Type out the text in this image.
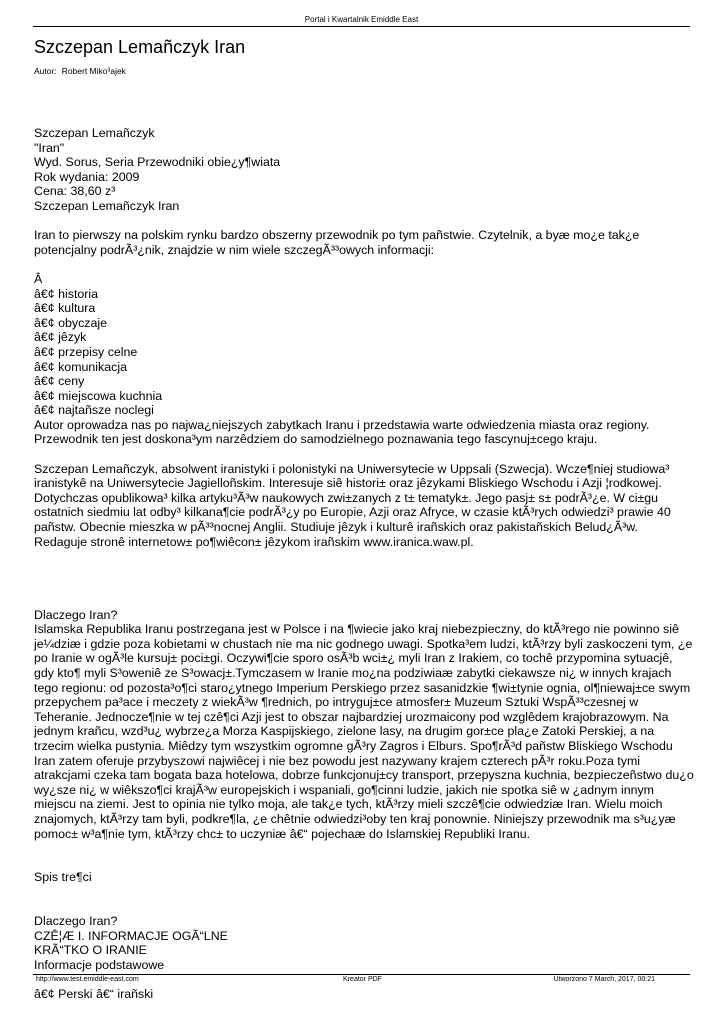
Portal i Kwartalnik Emiddle East
Szczepan Lemañczyk Iran
Autor: Robert Miko³ajek
Szczepan Lemañczyk
"Iran"
Wyd. Sorus, Seria Przewodniki obie¿y¶wiata
Rok wydania: 2009
Cena: 38,60 z³
Szczepan Lemañczyk Iran
Iran to pierwszy na polskim rynku bardzo obszerny przewodnik po tym pañstwie. Czytelnik, a byæ mo¿e tak¿e
potencjalny podrÃ³¿nik, znajdzie w nim wiele szczegÃ³³owych informacji:
Â
â€¢ historia
â€¢ kultura
â€¢ obyczaje
â€¢ jêzyk
â€¢ przepisy celne
â€¢ komunikacja
â€¢ ceny
â€¢ miejscowa kuchnia
â€¢ najtañsze noclegi
Autor oprowadza nas po najwa¿niejszych zabytkach Iranu i przedstawia warte odwiedzenia miasta oraz regiony.
Przewodnik ten jest doskona³ym narzêdziem do samodzielnego poznawania tego fascynuj±cego kraju.
Szczepan Lemañczyk, absolwent iranistyki i polonistyki na Uniwersytecie w Uppsali (Szwecja). Wcze¶niej studiowa³
iranistykê na Uniwersytecie Jagielloñskim. Interesuje siê histori± oraz jêzykami Bliskiego Wschodu i Azji ¦rodkowej.
Dotychczas opublikowa³ kilka artyku³Ã³w naukowych zwi±zanych z t± tematyk±. Jego pasj± s± podrÃ³¿e. W ci±gu
ostatnich siedmiu lat odby³ kilkana¶cie podrÃ³¿y po Europie, Azji oraz Afryce, w czasie ktÃ³rych odwiedzi³ prawie 40
pañstw. Obecnie mieszka w pÃ³³nocnej Anglii. Studiuje jêzyk i kulturê irañskich oraz pakistañskich Belud¿Ã³w.
Redaguje stronê internetow± po¶wiêcon± jêzykom irañskim www.iranica.waw.pl.
Dlaczego Iran?
Islamska Republika Iranu postrzegana jest w Polsce i na ¶wiecie jako kraj niebezpieczny, do ktÃ³rego nie powinno siê
je¼dziæ i gdzie poza kobietami w chustach nie ma nic godnego uwagi. Spotka³em ludzi, ktÃ³rzy byli zaskoczeni tym, ¿e
po Iranie w ogÃ³le kursuj± poci±gi. Oczywi¶cie sporo osÃ³b wci±¿ myli Iran z Irakiem, co tochê przypomina sytuacjê,
gdy kto¶ myli S³oweniê ze S³owacj±.Tymczasem w Iranie mo¿na podziwiaæ zabytki ciekawsze ni¿ w innych krajach
tego regionu: od pozosta³o¶ci staro¿ytnego Imperium Perskiego przez sasanidzkie ¶wi±tynie ognia, ol¶niewaj±ce swym
przepychem pa³ace i meczety z wiekÃ³w ¶rednich, po intryguj±ce atmosfer± Muzeum Sztuki WspÃ³³czesnej w
Teheranie. Jednocze¶nie w tej czê¶ci Azji jest to obszar najbardziej urozmaicony pod wzglêdem krajobrazowym. Na
jednym krañcu, wzd³u¿ wybrze¿a Morza Kaspijskiego, zielone lasy, na drugim gor±ce pla¿e Zatoki Perskiej, a na
trzecim wielka pustynia. Miêdzy tym wszystkim ogromne gÃ³ry Zagros i Elburs. Spo¶rÃ³d pañstw Bliskiego Wschodu
Iran zatem oferuje przybyszowi najwiêcej i nie bez powodu jest nazywany krajem czterech pÃ³r roku.Poza tymi
atrakcjami czeka tam bogata baza hotelowa, dobrze funkcjonuj±cy transport, przepyszna kuchnia, bezpieczeñstwo du¿o
wy¿sze ni¿ w wiêkszo¶ci krajÃ³w europejskich i wspaniali, go¶cinni ludzie, jakich nie spotka siê w ¿adnym innym
miejscu na ziemi. Jest to opinia nie tylko moja, ale tak¿e tych, ktÃ³rzy mieli szczê¶cie odwiedziæ Iran. Wielu moich
znajomych, ktÃ³rzy tam byli, podkre¶la, ¿e chêtnie odwiedzi³oby ten kraj ponownie. Niniejszy przewodnik ma s³u¿yæ
pomoc± w³a¶nie tym, ktÃ³rzy chc± to uczyniæ â€“ pojechaæ do Islamskiej Republiki Iranu.
Spis tre¶ci
Dlaczego Iran?
CZÊ¦Æ I. INFORMACJE OGÃ“LNE
KRÃ“TKO O IRANIE
Informacje podstawowe
â€¢ Perski â€“ irañski
http://www.test.emiddle-east.com	Kreator PDF	Utworzono 7 March, 2017, 00:21
